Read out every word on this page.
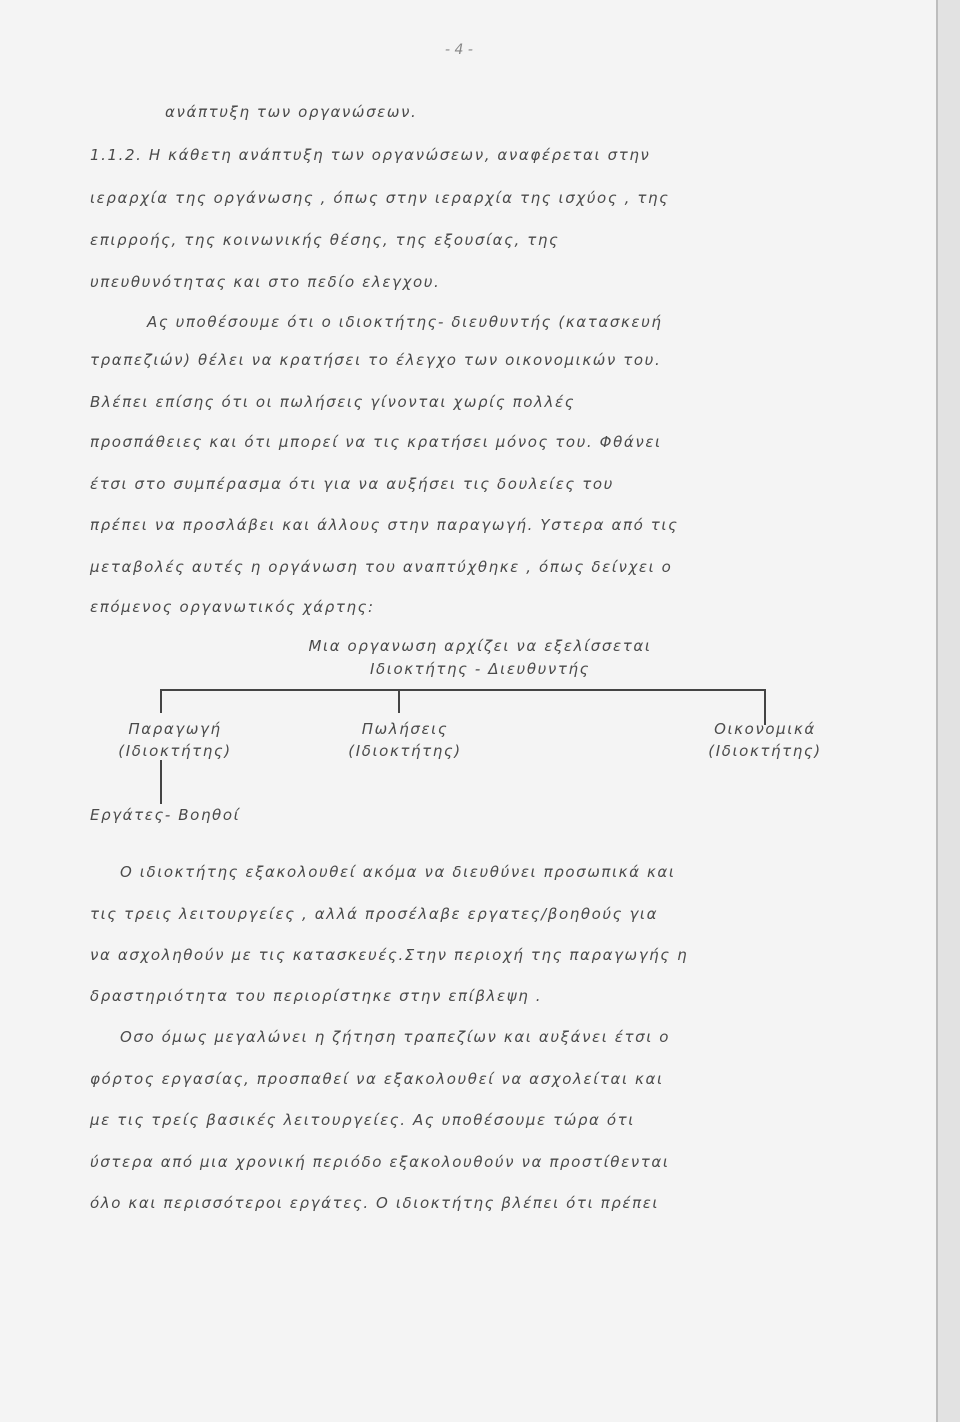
- 4 -
ανάπτυξη των οργανώσεων.
1.1.2. Η κάθετη ανάπτυξη των οργανώσεων, αναφέρεται στην
ιεραρχία της οργάνωσης , όπως στην ιεραρχία της ισχύος , της
επιρροής, της κοινωνικής θέσης, της εξουσίας, της
υπευθυνότητας και στο πεδίο ελεγχου.
Ας υποθέσουμε ότι ο ιδιοκτήτης- διευθυντής (κατασκευή
τραπεζιών) θέλει να κρατήσει το έλεγχο των οικονομικών του.
Βλέπει επίσης ότι οι πωλήσεις γίνονται χωρίς πολλές
προσπάθειες και ότι μπορεί να τις κρατήσει μόνος του. Φθάνει
έτσι στο συμπέρασμα ότι για να αυξήσει τις δουλείες του
πρέπει να προσλάβει και άλλους στην παραγωγή. Υστερα από τις
μεταβολές αυτές η οργάνωση του αναπτύχθηκε , όπως δείνχει ο
επόμενος οργανωτικός χάρτης:
Μια οργανωση αρχίζει να εξελίσσεται
Ιδιοκτήτης - Διευθυντής
Παραγωγή
(Ιδιοκτήτης)
Πωλήσεις
(Ιδιοκτήτης)
Οικονομικά
(Ιδιοκτήτης)
Εργάτες- Βοηθοί
Ο ιδιοκτήτης εξακολουθεί ακόμα να διευθύνει προσωπικά και
τις τρεις λειτουργείες , αλλά προσέλαβε εργατες/βοηθούς για
να ασχοληθούν με τις κατασκευές.Στην περιοχή της παραγωγής η
δραστηριότητα του περιορίστηκε στην επίβλεψη .
Οσο όμως μεγαλώνει η ζήτηση τραπεζίων και αυξάνει έτσι ο
φόρτος εργασίας, προσπαθεί να εξακολουθεί να ασχολείται και
με τις τρείς βασικές λειτουργείες. Ας υποθέσουμε τώρα ότι
ύστερα από μια χρονική περιόδο εξακολουθούν να προστίθενται
όλο και περισσότεροι εργάτες. Ο ιδιοκτήτης βλέπει ότι πρέπει
